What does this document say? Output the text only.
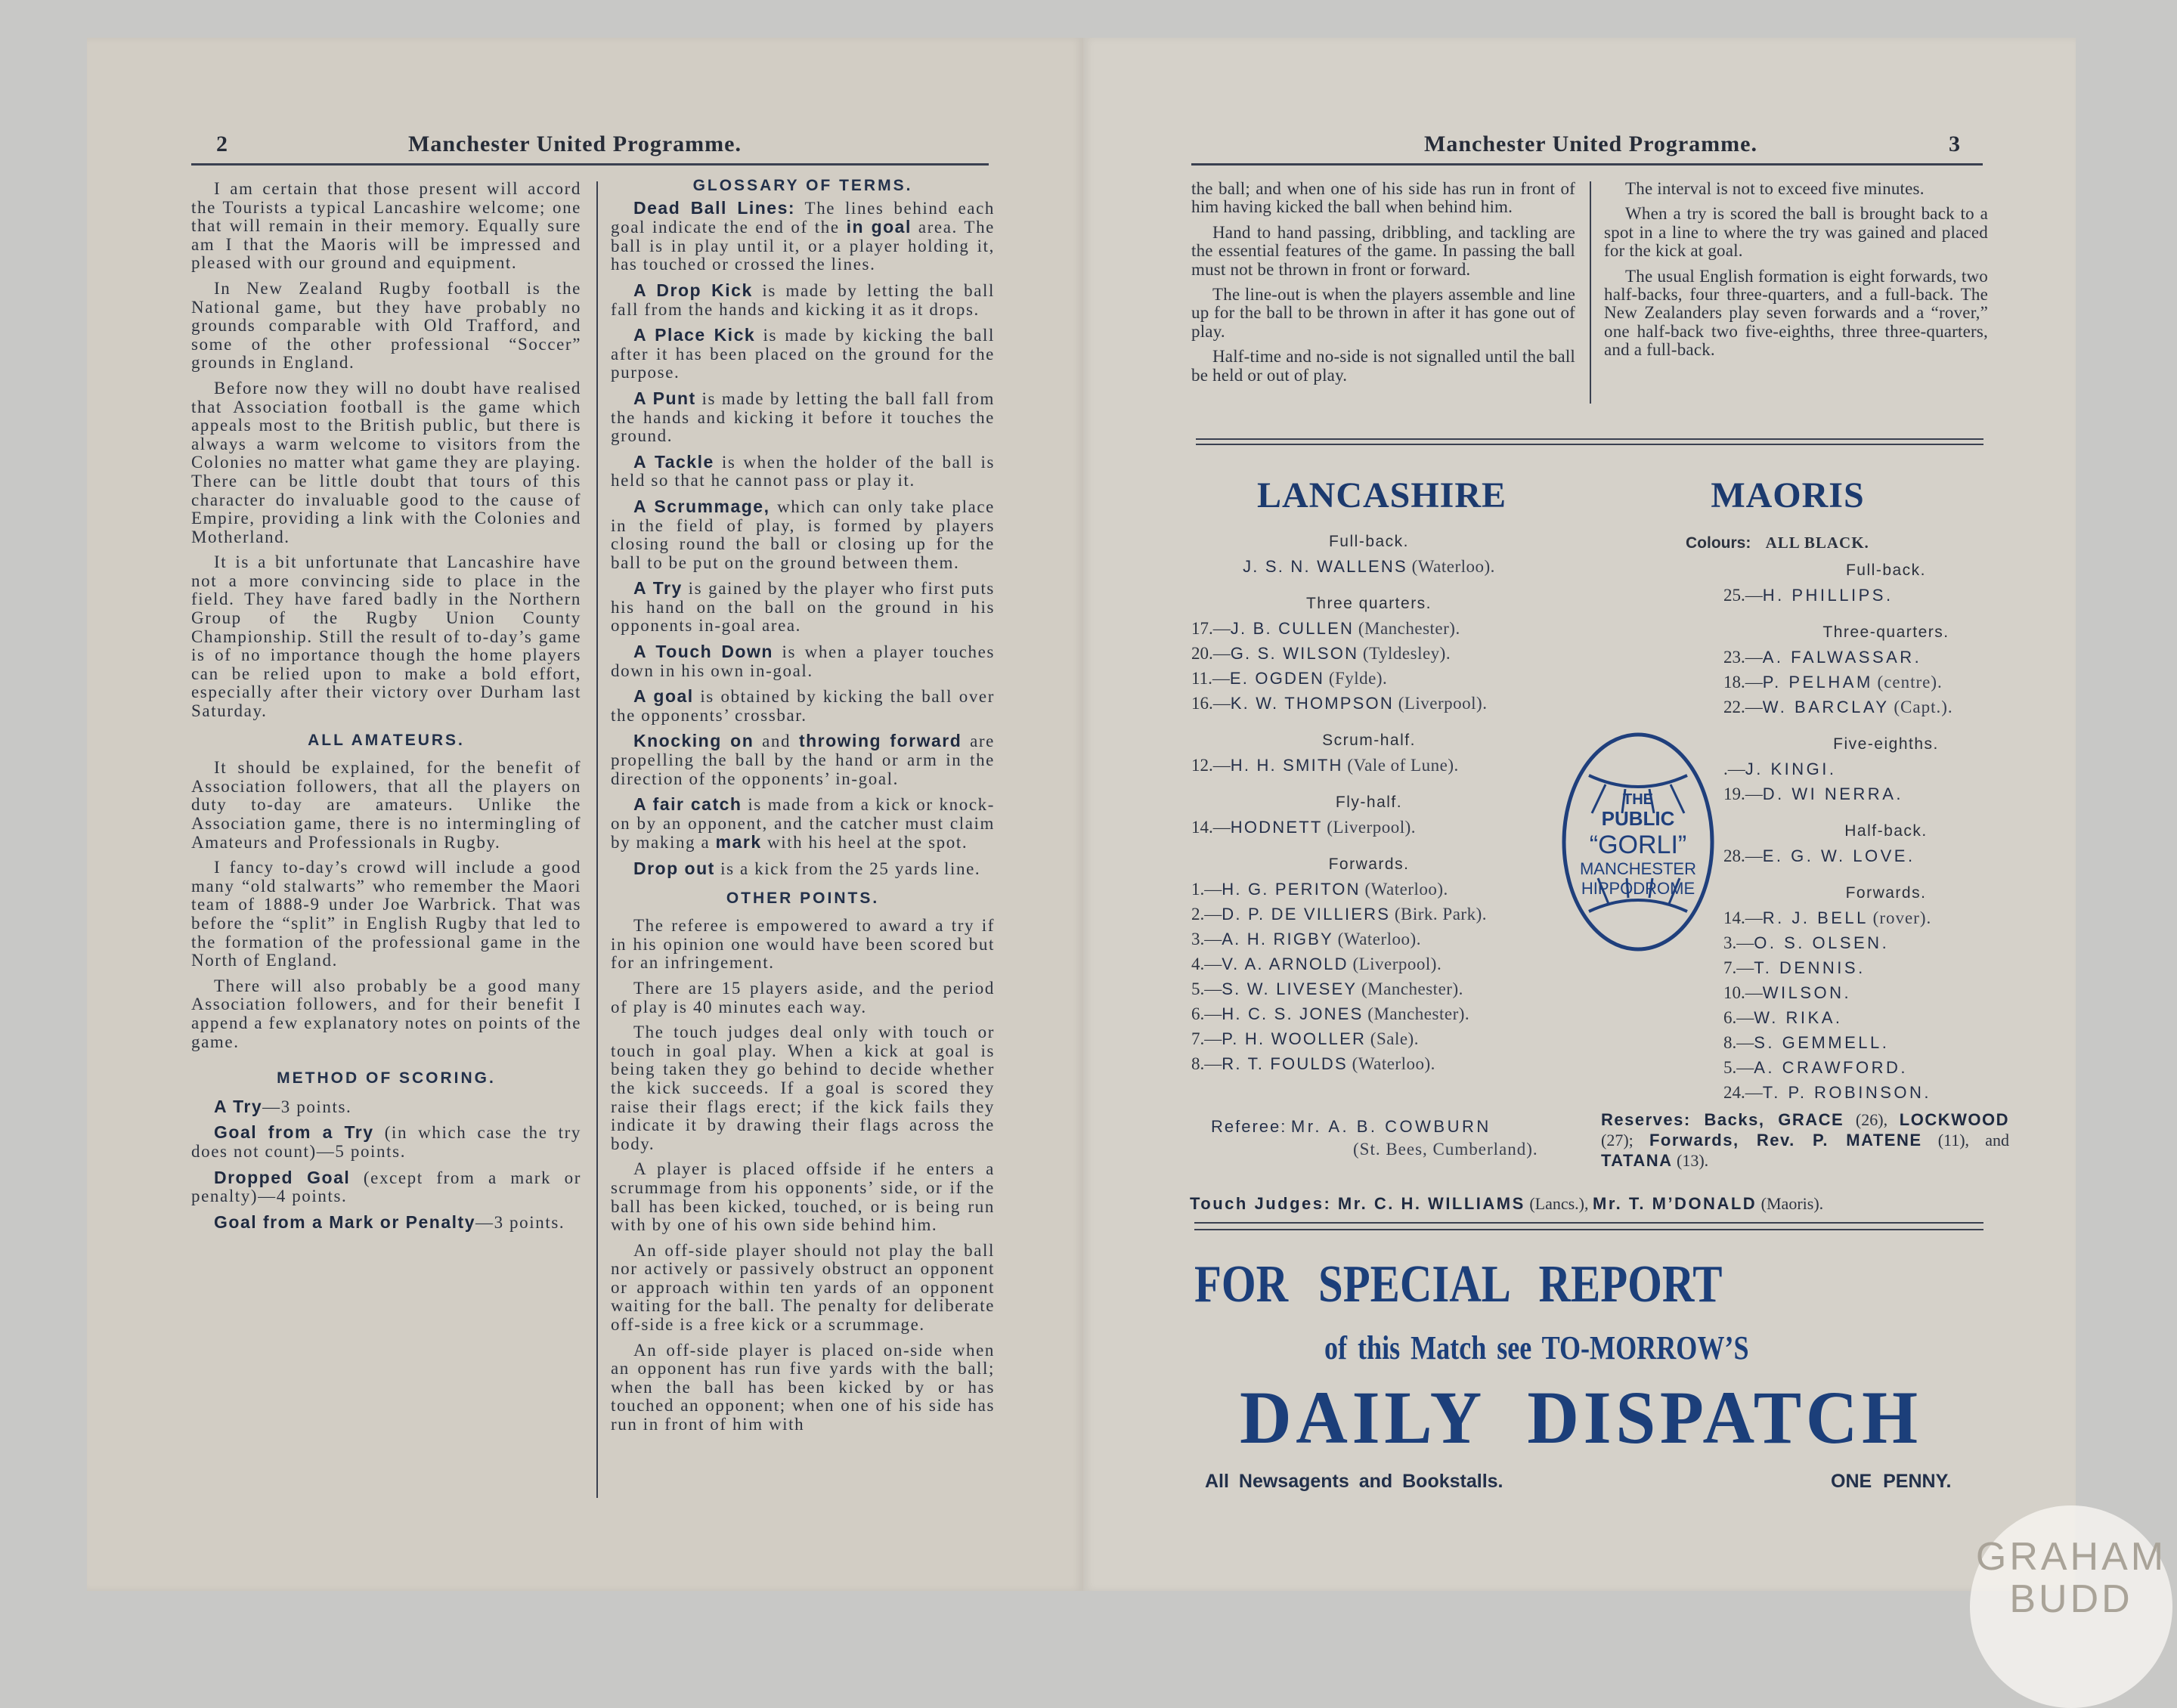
2	Manchester United Programme.

I am certain that those present will accord the Tourists a typical Lancashire welcome; one that will remain in their memory. Equally sure am I that the Maoris will be impressed and pleased with our ground and equipment.

In New Zealand Rugby football is the National game, but they have probably no grounds comparable with Old Trafford, and some of the other professional “Soccer” grounds in England.

Before now they will no doubt have realised that Association football is the game which appeals most to the British public, but there is always a warm welcome to visitors from the Colonies no matter what game they are playing. There can be little doubt that tours of this character do invaluable good to the cause of Empire, providing a link with the Colonies and Motherland.

It is a bit unfortunate that Lancashire have not a more convincing side to place in the field. They have fared badly in the Northern Group of the Rugby Union County Championship. Still the result of to-day’s game is of no importance though the home players can be relied upon to make a bold effort, especially after their victory over Durham last Saturday.

ALL AMATEURS.

It should be explained, for the benefit of Association followers, that all the players on duty to-day are amateurs. Unlike the Association game, there is no intermingling of Amateurs and Professionals in Rugby.

I fancy to-day’s crowd will include a good many “old stalwarts” who remember the Maori team of 1888-9 under Joe Warbrick. That was before the “split” in English Rugby that led to the formation of the professional game in the North of England.

There will also probably be a good many Association followers, and for their benefit I append a few explanatory notes on points of the game.

METHOD OF SCORING.

A Try—3 points.

Goal from a Try (in which case the try does not count)—5 points.

Dropped Goal (except from a mark or penalty)—4 points.

Goal from a Mark or Penalty—3 points.

GLOSSARY OF TERMS.

Dead Ball Lines: The lines behind each goal indicate the end of the in goal area. The ball is in play until it, or a player holding it, has touched or crossed the lines.

A Drop Kick is made by letting the ball fall from the hands and kicking it as it drops.

A Place Kick is made by kicking the ball after it has been placed on the ground for the purpose.

A Punt is made by letting the ball fall from the hands and kicking it before it touches the ground.

A Tackle is when the holder of the ball is held so that he cannot pass or play it.

A Scrummage, which can only take place in the field of play, is formed by players closing round the ball or closing up for the ball to be put on the ground between them.

A Try is gained by the player who first puts his hand on the ball on the ground in his opponents in-goal area.

A Touch Down is when a player touches down in his own in-goal.

A goal is obtained by kicking the ball over the opponents’ crossbar.

Knocking on and throwing forward are propelling the ball by the hand or arm in the direction of the opponents’ in-goal.

A fair catch is made from a kick or knock-on by an opponent, and the catcher must claim by making a mark with his heel at the spot.

Drop out is a kick from the 25 yards line.

OTHER POINTS.

The referee is empowered to award a try if in his opinion one would have been scored but for an infringement.

There are 15 players aside, and the period of play is 40 minutes each way.

The touch judges deal only with touch or touch in goal play. When a kick at goal is being taken they go behind to decide whether the kick succeeds. If a goal is scored they raise their flags erect; if the kick fails they indicate it by drawing their flags across the body.

A player is placed offside if he enters a scrummage from his opponents’ side, or if the ball has been kicked, touched, or is being run with by one of his own side behind him.

An off-side player should not play the ball nor actively or passively obstruct an opponent or approach within ten yards of an opponent waiting for the ball. The penalty for deliberate off-side is a free kick or a scrummage.

An off-side player is placed on-side when an opponent has run five yards with the ball; when the ball has been kicked by or has touched an opponent; when one of his side has run in front of him with

Manchester United Programme.	3

the ball; and when one of his side has run in front of him having kicked the ball when behind him.

Hand to hand passing, dribbling, and tackling are the essential features of the game. In passing the ball must not be thrown in front or forward.

The line-out is when the players assemble and line up for the ball to be thrown in after it has gone out of play.

Half-time and no-side is not signalled until the ball be held or out of play.

The interval is not to exceed five minutes.

When a try is scored the ball is brought back to a spot in a line to where the try was gained and placed for the kick at goal.

The usual English formation is eight forwards, two half-backs, four three-quarters, and a full-back. The New Zealanders play seven forwards and a “rover,” one half-back two five-eighths, three three-quarters, and a full-back.

LANCASHIRE
Full-back.
J. S. N. WALLENS (Waterloo).
Three quarters.
17.—J. B. CULLEN (Manchester).
20.—G. S. WILSON (Tyldesley).
11.—E. OGDEN (Fylde).
16.—K. W. THOMPSON (Liverpool).
Scrum-half.
12.—H. H. SMITH (Vale of Lune).
Fly-half.
14.—HODNETT (Liverpool).
Forwards.
1.—H. G. PERITON (Waterloo).
2.—D. P. DE VILLIERS (Birk. Park).
3.—A. H. RIGBY (Waterloo).
4.—V. A. ARNOLD (Liverpool).
5.—S. W. LIVESEY (Manchester).
6.—H. C. S. JONES (Manchester).
7.—P. H. WOOLLER (Sale).
8.—R. T. FOULDS (Waterloo).
Referee: Mr. A. B. COWBURN
(St. Bees, Cumberland).
MAORIS
Colours: ALL BLACK.
Full-back.
25.—H. PHILLIPS.
Three-quarters.
23.—A. FALWASSAR.
18.—P. PELHAM (centre).
22.—W. BARCLAY (Capt.).
Five-eighths.
.—J. KINGI.
19.—D. WI NERRA.
Half-back.
28.—E. G. W. LOVE.
Forwards.
14.—R. J. BELL (rover).
3.—O. S. OLSEN.
7.—T. DENNIS.
10.—WILSON.
6.—W. RIKA.
8.—S. GEMMELL.
5.—A. CRAWFORD.
24.—T. P. ROBINSON.
Reserves: Backs, GRACE (26), LOCKWOOD (27); Forwards, Rev. P. MATENE (11), and TATANA (13).
Touch Judges: Mr. C. H. WILLIAMS (Lancs.), Mr. T. M’DONALD (Maoris).
THE
PUBLIC
“GORLI”
MANCHESTER
HIPPODROME
FOR SPECIAL REPORT
of this Match see TO-MORROW’S
DAILY DISPATCH
All Newsagents and Bookstalls.	ONE PENNY.
GRAHAM
BUDD
